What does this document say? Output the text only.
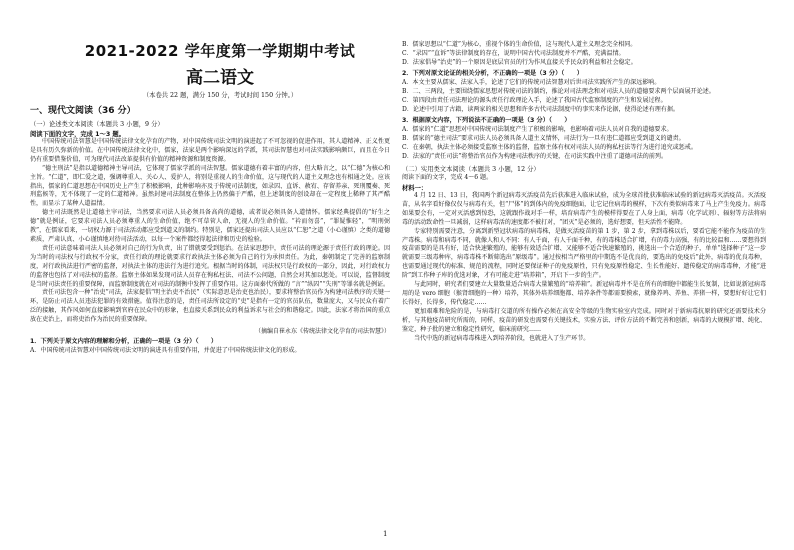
2021-2022 学年度第一学期期中考试
高二语文
（本卷共 22 题，满分 150 分，考试时间 150 分钟。）
一、现代文阅读（36 分）
（一）论述类文本阅读（本题共 3 小题，9 分）
阅读下面的文字，完成 1～3 题。

中国传统司法智慧是中国传统法律文化孕育的产物，对中国传统司法文明的演进起了不可忽视的促进作用，其人道精神、正义性更是具有历久弥新的价值。在中国传统法律文化中，儒家，法家是两个影响深远的学派，其司法智慧也对司法实践影响颇巨，而且在今日仍有重要借鉴价值，可为现代司法改革提供有价值的精神资源和制度资源。

“德主刑法”是指以道德精神主导司法，它体现了儒家学派的司法智慧。儒家道德有着丰富的内容，但大略言之，以“仁德”为核心和主旨。“仁道”，即仁爱之道，强调尊重人、关心人、爱护人，将别是重视人的生命价值，这与现代的人道主义理念也有相通之处。应该指出，儒家的仁道思想在中国历史上产生了积极影响，此种影响亦及于传统司法制度，如录囚、直诉、赦宥、存留养亲、死刑覆奏、死刑监候等，无不体现了一定的仁道精神。虽然封建司法制度在整体上仍然偏于严酷，但上述制度的创设却在一定程度上稀释了其严酷性，而显示了某种人道温情。

德主司法既然是让道德主宰司法，当然要求司法人员必须具备高尚的道德，或者说必须具备人道情怀。儒家经典提倡的“好生之德”就是例证，它要求司法人员必须尊重人的生命价值，绝不可草菅人命，无视人的生命价值。“衿而勿喜”，“罪疑惟轻”，“明刑弼教”，在儒家看来，一切权力源于司法活动都应受到道义的制约。特别是，儒家还提出司法人员应以“仁恕”之道（小心谨慎）之类的道德素质，严肃认真、小心谨慎地对待司法活动，以每一个案件都经得起法律和历史的检验。

责任司法意味着司法人员必须对自己的行为负责，出了错就要受到惩治。在法家思想中，责任司法的理论源于责任行政的理论。因为当时的司法权与行政权不分家，责任行政的理论就要求行政执法主体必须为自己的行为承担责任。为此，秦朝制定了完善的监察制度，对行政执法进行严密的监督，对执法主体的违法行为进行追究。根据当时的体制，司法权只是行政权的一部分，因此，对行政权力的监督也包括了对司法权的监督。监察主体如果发现司法人员存在徇私枉法、司法不公问题，自然会对其加以惩处。可以说，监督制度是当时司法责任的重要保障，而监察制度就在对司法的制衡中发挥了重要作用。这方面秦代所做的 “言”“纵囚”“失刑”等罪名就是例证。

责任司法包含一种“治吏”司法，法家提倡“明主治吏不治民”（实际意思是治吏也治民），要求将整治官员作为构建司法秩序的关键一环，是防止司法人员违法犯罪的有效措施。值得注意的是，责任司法所设定的“吏”是指有一定的官员队伍，数量庞大，又与民众有着广泛的接触，其作风如何直接影响到官府在民众中的形象，也直接关系到民众的利益诉求与社会的和谐稳定。因此，法家才将治国的重点放在吏治上，而将吏治作为治民的重要保障。

（摘编自崔永东《传统法律文化孕育的司法智慧》）
1．下列关于原文内容的理解和分析，正确的一项是（3 分）（　　）

A．中国传统司法智慧对中国传统司法文明的演进具有重要作用，并促进了中国传统法律文化的形成。

B．儒家思想以“仁道”为核心，重视个体的生命价值，这与现代人道主义理念完全相同。

C．“录囚”“直诉”等法律制度的存在，说明中国古代司法制度并不严酷，充满温情。

D．法家倡导“治吏”的一个原因是底层官员的行为作风直接关乎民众的利益和社会稳定。

2．下列对原文论证的相关分析，不正确的一项是（3 分）（　　）

A．本文主要从儒家、法家入手，论述了它们的传统司法智慧对后世司法实践所产生的深远影响。

B．二、三两段，主要围绕儒家思想对传统司法的制约，推论对司法理念和对司法人员的道德要求两个层面展开论述。

C．第四段由责任司法理论的源头责任行政理论入手，论述了我国古代监察制度的产生和发展过程。

D．论述中引用了古籍，读两家的相关思想和许多古代司法制度中的事实来作论据，使得论述有理有据。

3．根据原文内容，下列说法不正确的一项是（3 分）（　　）

A．儒家的“仁道”思想对中国传统司法制度产生了积极的影响，也影响着司法人员对自我的道德要求。

B．儒家的“德主司法”要求司法人员必须具备人道主义情怀，司法行为一旦有违仁道都应受到道义的谴责。

C．在秦朝，执法主体必须接受监察主体的监督，监察主体有权对司法人员的徇私枉法等行为进行追究或惩戒。

D．法家的“责任司法”将整治官员作为构建司法秩序的关键，在司法实践中注重了道德司法的前列。

（二）实用类文本阅读（本题共 3 小题，12 分）
阅读下面的文字，完成 4～6 题。
材料一：

4 月 12 日、13 日，我国两个新冠病毒灭活疫苗先后获准进入临床试验，成为全球首批获准临床试验的新冠病毒灭活疫苗。灭活疫苗，从名字看好像仅仅与病毒有关，但“尸体”的到体内的免疫细胞面，让它记住病毒的模样，下次有类似病毒来了马上产生免疫力。病毒如果要会有，一定对灭活感到惊恐，这就跟作战对手一样，培育病毒产生的模样得要在了人身上面，病毒（化学试剂）、辐射等方法将病毒的活动致命性一旦减弱，这样病毒活的速度都不被打对，“团灭”是必须的，选好想要，但天活性不能降。

专家特别需要注意，分离到新型冠状病毒的病毒株，是做灭活疫苗的第 1 步，第 2 步，拿到毒株以后，要看它能不能作为疫苗的生产毒株。病毒和病毒不同，就像人和人不同：有人千面，有人千面千种，有的毒株适合扩增，有的毒力高强，有的比较温和……要想得到疫苗需要的是具有好，适合快速繁殖的，能够有效适合扩增、又能够不适合快速繁殖的，挑选出一个合适的种子，单单“选择种子”这一步就需要三级毒种库，病毒毒株不断筛选出“原级毒”。通过按相当严格里的中期选不是优良的，要选出的免疫后”此外，病毒的优良毒种，也需要通过现代的标准、规范的流程，同时还要保证种子的免疫原性，只有免疫原性稳定、生长性能好、遗传稳定的病毒毒种，才能“进阶”到工作种子库的优选对象，才有可能走进“培养箱”，开启下一步的生产。

与此同时，研究者们要建立大量数量适合病毒大量繁殖的“培养箱”。新冠病毒并不是在所有的细胞中都能生长复制，比如说新冠病毒用的是 vero 细胞（猴肾细胞的一种）培养，其体外培养细胞都、培养条件等都需要摸索，就像养鸡、养鱼、养猪一样，要想好好让它们长得好，长得多，传代稳定……

更加艰难和危险的是，与病毒打交道的所有操作必须在高安全等级的生物实验室内完成。同时对于新病毒抗原的研究还需要技术分析，与其他疫苗研究所需的，同样，疫苗的研发也需要有关键技术，实验方法、评价方法的不断完善和创新，病毒的大规模扩增、纯化、鉴定，种子批的建立和稳定性研究，临床前研究……

当代中选的新冠病毒毒株进入到培养阶段，也就进入了生产环节。

1
